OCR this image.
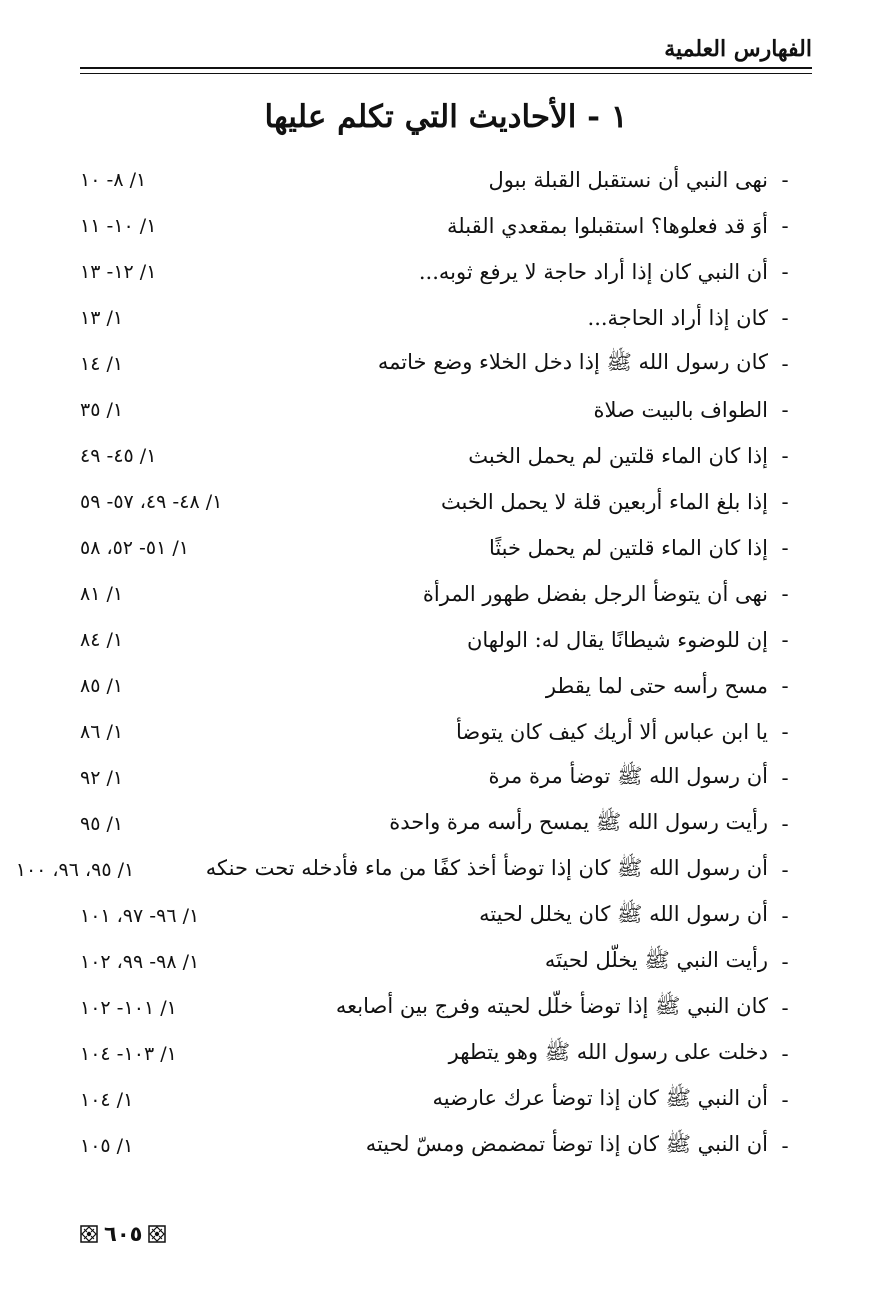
الفهارس العلمية
١ - الأحاديث التي تكلم عليها
-
نهى النبي أن نستقبل القبلة ببول
١/ ٨- ١٠
-
أوَ قد فعلوها؟ استقبلوا بمقعدي القبلة
١/ ١٠- ١١
-
أن النبي كان إذا أراد حاجة لا يرفع ثوبه...
١/ ١٢- ١٣
-
كان إذا أراد الحاجة...
١/ ١٣
-
كان رسول الله ﷺ إذا دخل الخلاء وضع خاتمه
١/ ١٤
-
الطواف بالبيت صلاة
١/ ٣٥
-
إذا كان الماء قلتين لم يحمل الخبث
١/ ٤٥- ٤٩
-
إذا بلغ الماء أربعين قلة لا يحمل الخبث
١/ ٤٨- ٤٩، ٥٧- ٥٩
-
إذا كان الماء قلتين لم يحمل خبثًا
١/ ٥١- ٥٢، ٥٨
-
نهى أن يتوضأ الرجل بفضل طهور المرأة
١/ ٨١
-
إن للوضوء شيطانًا يقال له: الولهان
١/ ٨٤
-
مسح رأسه حتى لما يقطر
١/ ٨٥
-
يا ابن عباس ألا أريك كيف كان يتوضأ
١/ ٨٦
-
أن رسول الله ﷺ توضأ مرة مرة
١/ ٩٢
-
رأيت رسول الله ﷺ يمسح رأسه مرة واحدة
١/ ٩٥
-
أن رسول الله ﷺ كان إذا توضأ أخذ كفًا من ماء فأدخله تحت حنكه
١/ ٩٥، ٩٦، ١٠٠
-
أن رسول الله ﷺ كان يخلل لحيته
١/ ٩٦- ٩٧، ١٠١
-
رأيت النبي ﷺ يخلّل لحيتَه
١/ ٩٨- ٩٩، ١٠٢
-
كان النبي ﷺ إذا توضأ خلّل لحيته وفرج بين أصابعه
١/ ١٠١- ١٠٢
-
دخلت على رسول الله ﷺ وهو يتطهر
١/ ١٠٣- ١٠٤
-
أن النبي ﷺ كان إذا توضأ عرك عارضيه
١/ ١٠٤
-
أن النبي ﷺ كان إذا توضأ تمضمض ومسّ لحيته
١/ ١٠٥
٦٠٥
